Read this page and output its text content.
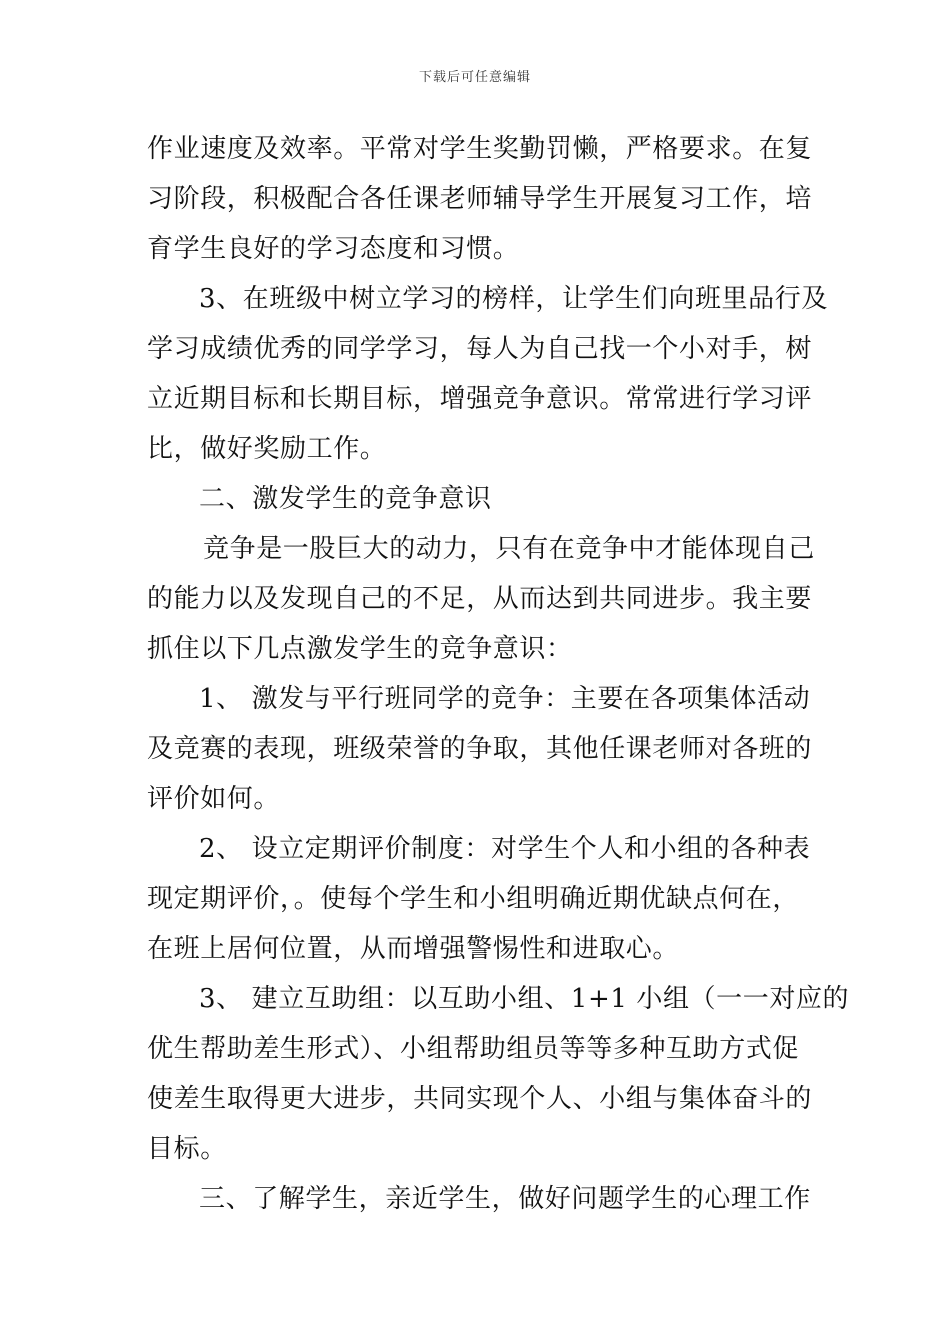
下载后可任意编辑
作业速度及效率。平常对学生奖勤罚懒，严格要求。在复
习阶段，积极配合各任课老师辅导学生开展复习工作，培
育学生良好的学习态度和习惯。
3、在班级中树立学习的榜样，让学生们向班里品行及
学习成绩优秀的同学学习，每人为自己找一个小对手，树
立近期目标和长期目标，增强竞争意识。常常进行学习评
比，做好奖励工作。
二、激发学生的竞争意识
竞争是一股巨大的动力，只有在竞争中才能体现自己
的能力以及发现自己的不足，从而达到共同进步。我主要
抓住以下几点激发学生的竞争意识：
1、 激发与平行班同学的竞争：主要在各项集体活动
及竞赛的表现，班级荣誉的争取，其他任课老师对各班的
评价如何。
2、 设立定期评价制度：对学生个人和小组的各种表
现定期评价，。使每个学生和小组明确近期优缺点何在，
在班上居何位置，从而增强警惕性和进取心。
3、 建立互助组：以互助小组、1+1 小组（一一对应的
优生帮助差生形式）、小组帮助组员等等多种互助方式促
使差生取得更大进步，共同实现个人、小组与集体奋斗的
目标。
三、了解学生，亲近学生，做好问题学生的心理工作
